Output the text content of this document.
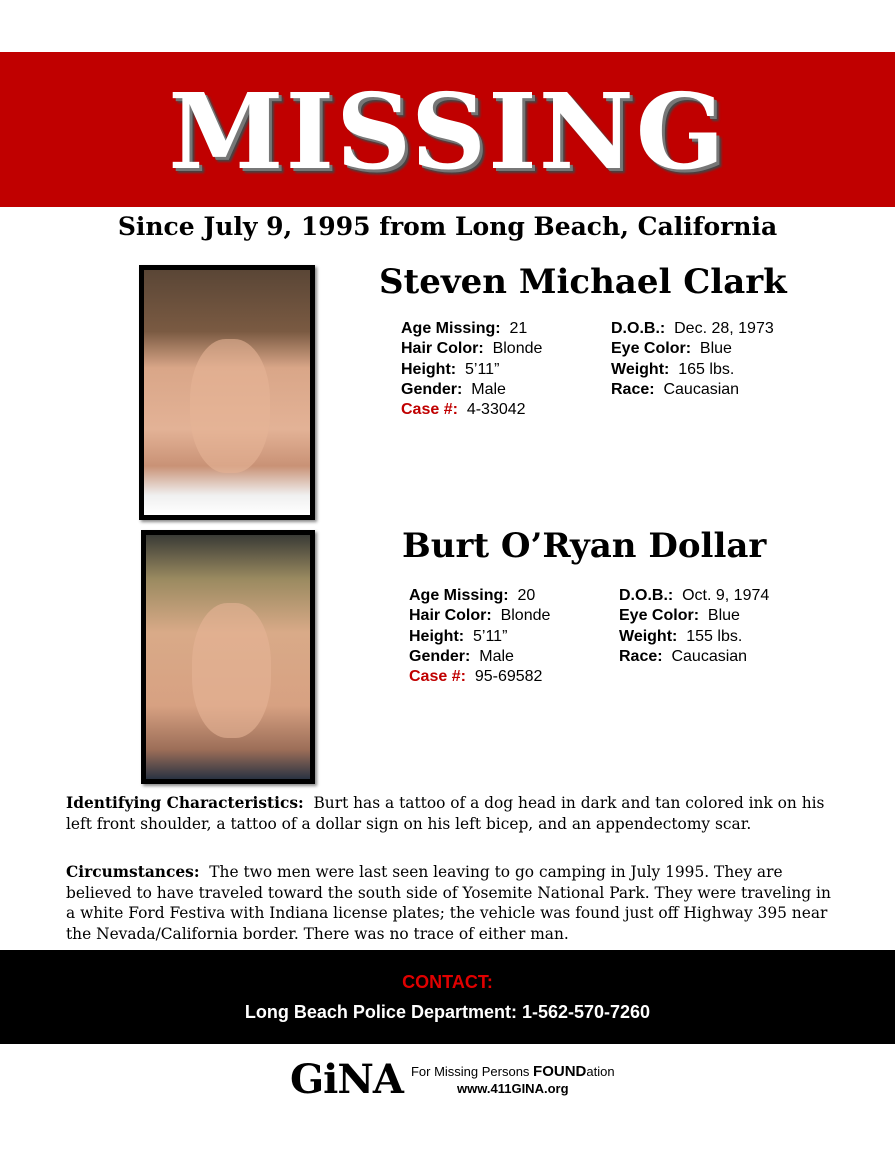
MISSING
Since July 9, 1995 from Long Beach, California
Steven Michael Clark
Age Missing: 21
Hair Color: Blonde
Height: 5’11”
Gender: Male
Case #: 4-33042
D.O.B.: Dec. 28, 1973
Eye Color: Blue
Weight: 165 lbs.
Race: Caucasian
Burt O’Ryan Dollar
Age Missing: 20
Hair Color: Blonde
Height: 5’11”
Gender: Male
Case #: 95-69582
D.O.B.: Oct. 9, 1974
Eye Color: Blue
Weight: 155 lbs.
Race: Caucasian
Identifying Characteristics: Burt has a tattoo of a dog head in dark and tan colored ink on his left front shoulder, a tattoo of a dollar sign on his left bicep, and an appendectomy scar.
Circumstances: The two men were last seen leaving to go camping in July 1995. They are believed to have traveled toward the south side of Yosemite National Park. They were traveling in a white Ford Festiva with Indiana license plates; the vehicle was found just off Highway 395 near the Nevada/California border. There was no trace of either man.
CONTACT:
Long Beach Police Department: 1-562-570-7260
GiNA For Missing Persons FOUNDation
www.411GINA.org
